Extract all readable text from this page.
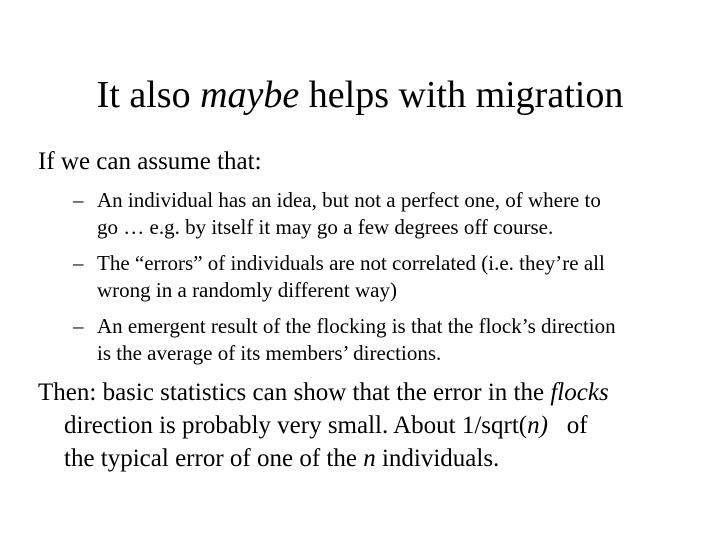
It also maybe helps with migration
If we can assume that:
– An individual has an idea, but not a perfect one, of where to
go … e.g. by itself it may go a few degrees off course.
– The “errors” of individuals are not correlated (i.e. they’re all
wrong in a randomly different way)
– An emergent result of the flocking is that the flock’s direction
is the average of its members’ directions.
Then: basic statistics can show that the error in the flocks
direction is probably very small. About 1/sqrt(n)   of
the typical error of one of the n individuals.
